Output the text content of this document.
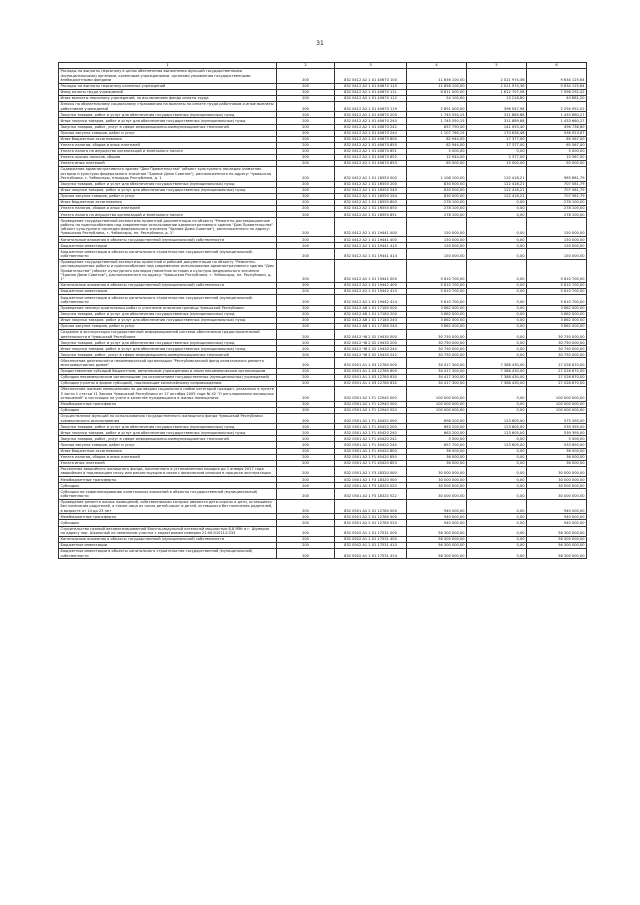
31
1	2	3	4	5	6
Расходы на выплаты персоналу в целях обеспечения выполнения функций государственными (муниципальными) органами, казенными учреждениями, органами управления государственными внебюджетными фондами	200	832 0412 А2 1 01 40670 100	11 656 100,00	2 021 974,36	9 634 125,64
Расходы на выплаты персоналу казенных учреждений	200	832 0412 А2 1 01 40670 110	11 656 100,00	2 021 974,36	9 634 125,64
Фонд оплаты труда учреждений	200	832 0412 А2 1 01 40670 111	8 811 000,00	1 612 707,58	7 098 292,42
Иные выплаты персоналу учреждений, за исключением фонда оплаты труда	200	832 0412 А2 1 01 40670 112	54 100,00	13 218,80	40 881,20
Взносы по обязательному социальному страхованию на выплаты по оплате труда работников и иные выплаты работникам учреждений	200	832 0412 А2 1 01 40670 119	2 691 000,00	396 047,98	2 294 952,02
Закупка товаров, работ и услуг для обеспечения государственных (муниципальных) нужд	200	832 0412 А2 1 01 40670 200	1 745 550,15	311 889,88	1 433 660,27
Иные закупки товаров, работ и услуг для обеспечения государственных (муниципальных) нужд	200	832 0412 А2 1 01 40670 240	1 745 550,15	311 889,88	1 433 660,27
Закупка товаров, работ, услуг в сфере информационно-коммуникационных технологий	200	832 0412 А2 1 01 40670 242	637 790,00	141 053,40	496 736,60
Прочая закупка товаров, работ и услуг	200	832 0412 А2 1 01 40670 244	1 107 760,15	170 836,48	936 923,67
Иные бюджетные ассигнования	200	832 0412 А2 1 01 40670 800	82 944,00	17 377,00	65 567,00
Уплата налогов, сборов и иных платежей	200	832 0412 А2 1 01 40670 850	82 944,00	17 377,00	65 567,00
Уплата налога на имущество организаций и земельного налога	200	832 0412 А2 1 01 40670 851	5 000,00	0,00	5 000,00
Уплата прочих налогов, сборов	200	832 0412 А2 1 01 40670 852	12 944,00	2 377,00	10 567,00
Уплата иных платежей	200	832 0412 А2 1 01 40670 853	65 000,00	15 000,00	50 000,00
Содержание административного здания "Дом Правительства" (объект культурного наследия (памятник истории и культуры федерального значения "Здание Дома Советов"), расположенного по адресу: Чувашская Республика, г. Чебоксары, площадь Республики, д. 1	200	832 0412 А2 1 01 16550 000	1 108 100,00	122 418,21	985 681,79
Закупка товаров, работ и услуг для обеспечения государственных (муниципальных) нужд	200	832 0412 А2 1 01 16550 200	830 000,00	122 418,21	707 581,79
Иные закупки товаров, работ и услуг для обеспечения государственных (муниципальных) нужд	200	832 0412 А2 1 01 16550 240	830 000,00	122 418,21	707 581,79
Прочая закупка товаров, работ и услуг	200	832 0412 А2 1 01 16550 244	830 000,00	122 418,21	707 581,79
Иные бюджетные ассигнования	200	832 0412 А2 1 01 16550 800	278 100,00	0,00	278 100,00
Уплата налогов, сборов и иных платежей	200	832 0412 А2 1 01 16550 850	278 100,00	0,00	278 100,00
Уплата налога на имущество организаций и земельного налога	200	832 0412 А2 1 01 16550 851	278 100,00	0,00	278 100,00
Проведение государственной экспертизы проектной документации по объекту "Ремонтно-реставрационные работы по приспособлению под современное использование административного здания "Дом Правительства" (объект культурного наследия федерального значения "Здание Дома Советов"), расположенного по адресу: Чувашская Республика, г. Чебоксары, пл. Республики, д. 1"	200	832 0412 А2 1 01 19441 000	150 000,00	0,00	150 000,00
Капитальные вложения в объекты государственной (муниципальной) собственности	200	832 0412 А2 1 01 19441 400	150 000,00	0,00	150 000,00
Бюджетные инвестиции	200	832 0412 А2 1 01 19441 410	150 000,00	0,00	150 000,00
Бюджетные инвестиции в объекты капитального строительства государственной (муниципальной) собственности	200	832 0412 А2 1 01 19441 414	150 000,00	0,00	150 000,00
Проведение государственной экспертизы проектной и рабочей документации по объекту "Ремонтно-реставрационные работы и приспособление под современное использование административного здания "Дом Правительства" (объект культурного наследия (памятник истории и культуры федерального значения "Здание Дома Советов"), расположенного по адресу: Чувашская Республика, г. Чебоксары, пл. Республики, д. 1"	200	832 0412 А2 1 01 19442 000	5 610 700,00	0,00	5 610 700,00
Капитальные вложения в объекты государственной (муниципальной) собственности	200	832 0412 А2 1 01 19442 400	5 610 700,00	0,00	5 610 700,00
Бюджетные инвестиции	200	832 0412 А2 1 01 19442 410	5 610 700,00	0,00	5 610 700,00
Бюджетные инвестиции в объекты капитального строительства государственной (муниципальной) собственности	200	832 0412 А2 1 01 19442 414	5 610 700,00	0,00	5 610 700,00
Проведение землеустроительных работ и уточнение описания границы Чувашской Республики	200	832 0412 А8 1 01 17180 000	3 862 000,00	0,00	3 862 000,00
Закупка товаров, работ и услуг для обеспечения государственных (муниципальных) нужд	200	832 0412 А8 1 01 17180 200	3 862 000,00	0,00	3 862 000,00
Иные закупки товаров, работ и услуг для обеспечения государственных (муниципальных) нужд	200	832 0412 А8 1 01 17180 240	3 862 000,00	0,00	3 862 000,00
Прочая закупка товаров, работ и услуг	200	832 0412 А8 1 01 17180 244	3 862 000,00	0,00	3 862 000,00
Создание и эксплуатация государственной информационной системы обеспечения градостроительной деятельности в Чувашской Республике	200	832 0412 Ч8 2 02 19430 000	30 750 000,00	0,00	30 750 000,00
Закупка товаров, работ и услуг для обеспечения государственных (муниципальных) нужд	200	832 0412 Ч8 2 02 19430 200	30 750 000,00	0,00	30 750 000,00
Иные закупки товаров, работ и услуг для обеспечения государственных (муниципальных) нужд	200	832 0412 Ч8 2 02 19430 240	30 750 000,00	0,00	30 750 000,00
Закупка товаров, работ, услуг в сфере информационно-коммуникационных технологий	200	832 0412 Ч8 2 02 19430 242	30 750 000,00	0,00	30 750 000,00
Обеспечение деятельности некоммерческой организации "Республиканский фонд капитального ремонта многоквартирных домов"	200	832 0501 А1 1 03 12780 000	34 417 300,00	7 388 430,00	27 028 870,00
Предоставление субсидий бюджетным, автономным учреждениям и иным некоммерческим организациям	200	832 0501 А1 1 03 12780 600	34 417 300,00	7 388 430,00	27 028 870,00
Субсидии некоммерческим организациям (за исключением государственных (муниципальных) учреждений)	200	832 0501 А1 1 03 12780 630	34 417 300,00	7 388 430,00	27 028 870,00
Субсидии (гранты в форме субсидий), подлежащие казначейскому сопровождению	200	832 0501 А1 1 03 12780 632	34 417 300,00	7 388 430,00	27 028 870,00
Обеспечение жильем помещениями по договорам социального найма категорий граждан, указанных в пункте 3 части 1 статьи 11 Закона Чувашской Республики от 17 октября 2005 года № 42 "О регулировании жилищных отношений" и состоящих на учете в качестве нуждающихся в жилых помещениях	200	832 0501 А2 1 F1 12940 000	100 000 000,00	0,00	100 000 000,00
Межбюджетные трансферты	200	832 0501 А2 1 F1 12940 500	100 000 000,00	0,00	100 000 000,00
Субсидии	200	832 0501 А2 1 F1 12940 520	100 000 000,00	0,00	100 000 000,00
Осуществление функций по использованию государственного жилищного фонда Чувашской Республики коммерческого использования	200	832 0501 А2 1 F1 40420 000	698 200,00	123 605,00	575 395,00
Закупка товаров, работ и услуг для обеспечения государственных (муниципальных) нужд	200	832 0501 А2 1 F1 40420 200	663 200,00	123 605,00	539 395,00
Иные закупки товаров, работ и услуг для обеспечения государственных (муниципальных) нужд	200	832 0501 А2 1 F1 40420 240	663 200,00	123 605,00	539 395,00
Закупка товаров, работ, услуг в сфере информационно-коммуникационных технологий	200	832 0501 А2 1 F1 40420 242	5 500,00	0,00	5 500,00
Прочая закупка товаров, работ и услуг	200	832 0501 А2 1 F1 40420 244	657 700,00	123 605,00	533 895,00
Иные бюджетные ассигнования	200	832 0501 А2 1 F1 40420 800	36 000,00	0,00	36 000,00
Уплата налогов, сборов и иных платежей	200	832 0501 А2 1 F1 40420 850	36 000,00	0,00	36 000,00
Уплата иных платежей	200	832 0501 А2 1 F1 40420 853	36 000,00	0,00	36 000,00
Расселение аварийного жилищного фонда, признанного в установленном порядке до 1 января 2017 года аварийным и подлежащим сносу или реконструкции в связи с физическим износом в процессе эксплуатации	200	832 0501 А2 1 F3 18320 000	30 000 000,00	0,00	30 000 000,00
Межбюджетные трансферты	200	832 0501 А2 1 F3 18320 500	30 000 000,00	0,00	30 000 000,00
Субсидии	200	832 0501 А2 1 F3 18320 520	30 000 000,00	0,00	30 000 000,00
Субсидии на софинансирование капитальных вложений в объекты государственной (муниципальной) собственности	200	832 0501 А2 1 F3 18320 522	30 000 000,00	0,00	30 000 000,00
Проведение ремонта жилых помещений, собственниками которых являются дети-сироты и дети, оставшиеся без попечения родителей, а также лица из числа детей-сирот и детей, оставшихся без попечения родителей, в возрасте от 14 до 23 лет	200	832 0501 А2 2 01 12780 000	940 000,00	0,00	940 000,00
Межбюджетные трансферты	200	832 0501 А2 2 01 12780 500	940 000,00	0,00	940 000,00
Субсидии	200	832 0501 А2 2 01 12780 520	940 000,00	0,00	940 000,00
Строительство газовой автоматизированной блочно-модульной котельной мощностью 8,8 МВт в г. Шумерля по адресу пер. Школьный на земельном участке с кадастровым номером 21:05:010112:533	200	832 0502 А1 1 01 17531 000	56 300 000,00	0,00	56 300 000,00
Капитальные вложения в объекты государственной (муниципальной) собственности	200	832 0502 А1 1 01 17531 400	56 300 000,00	0,00	56 300 000,00
Бюджетные инвестиции	200	832 0502 А1 1 01 17531 410	56 300 000,00	0,00	56 300 000,00
Бюджетные инвестиции в объекты капитального строительства государственной (муниципальной) собственности	200	832 0502 А1 1 01 17531 414	56 300 000,00	0,00	56 300 000,00
